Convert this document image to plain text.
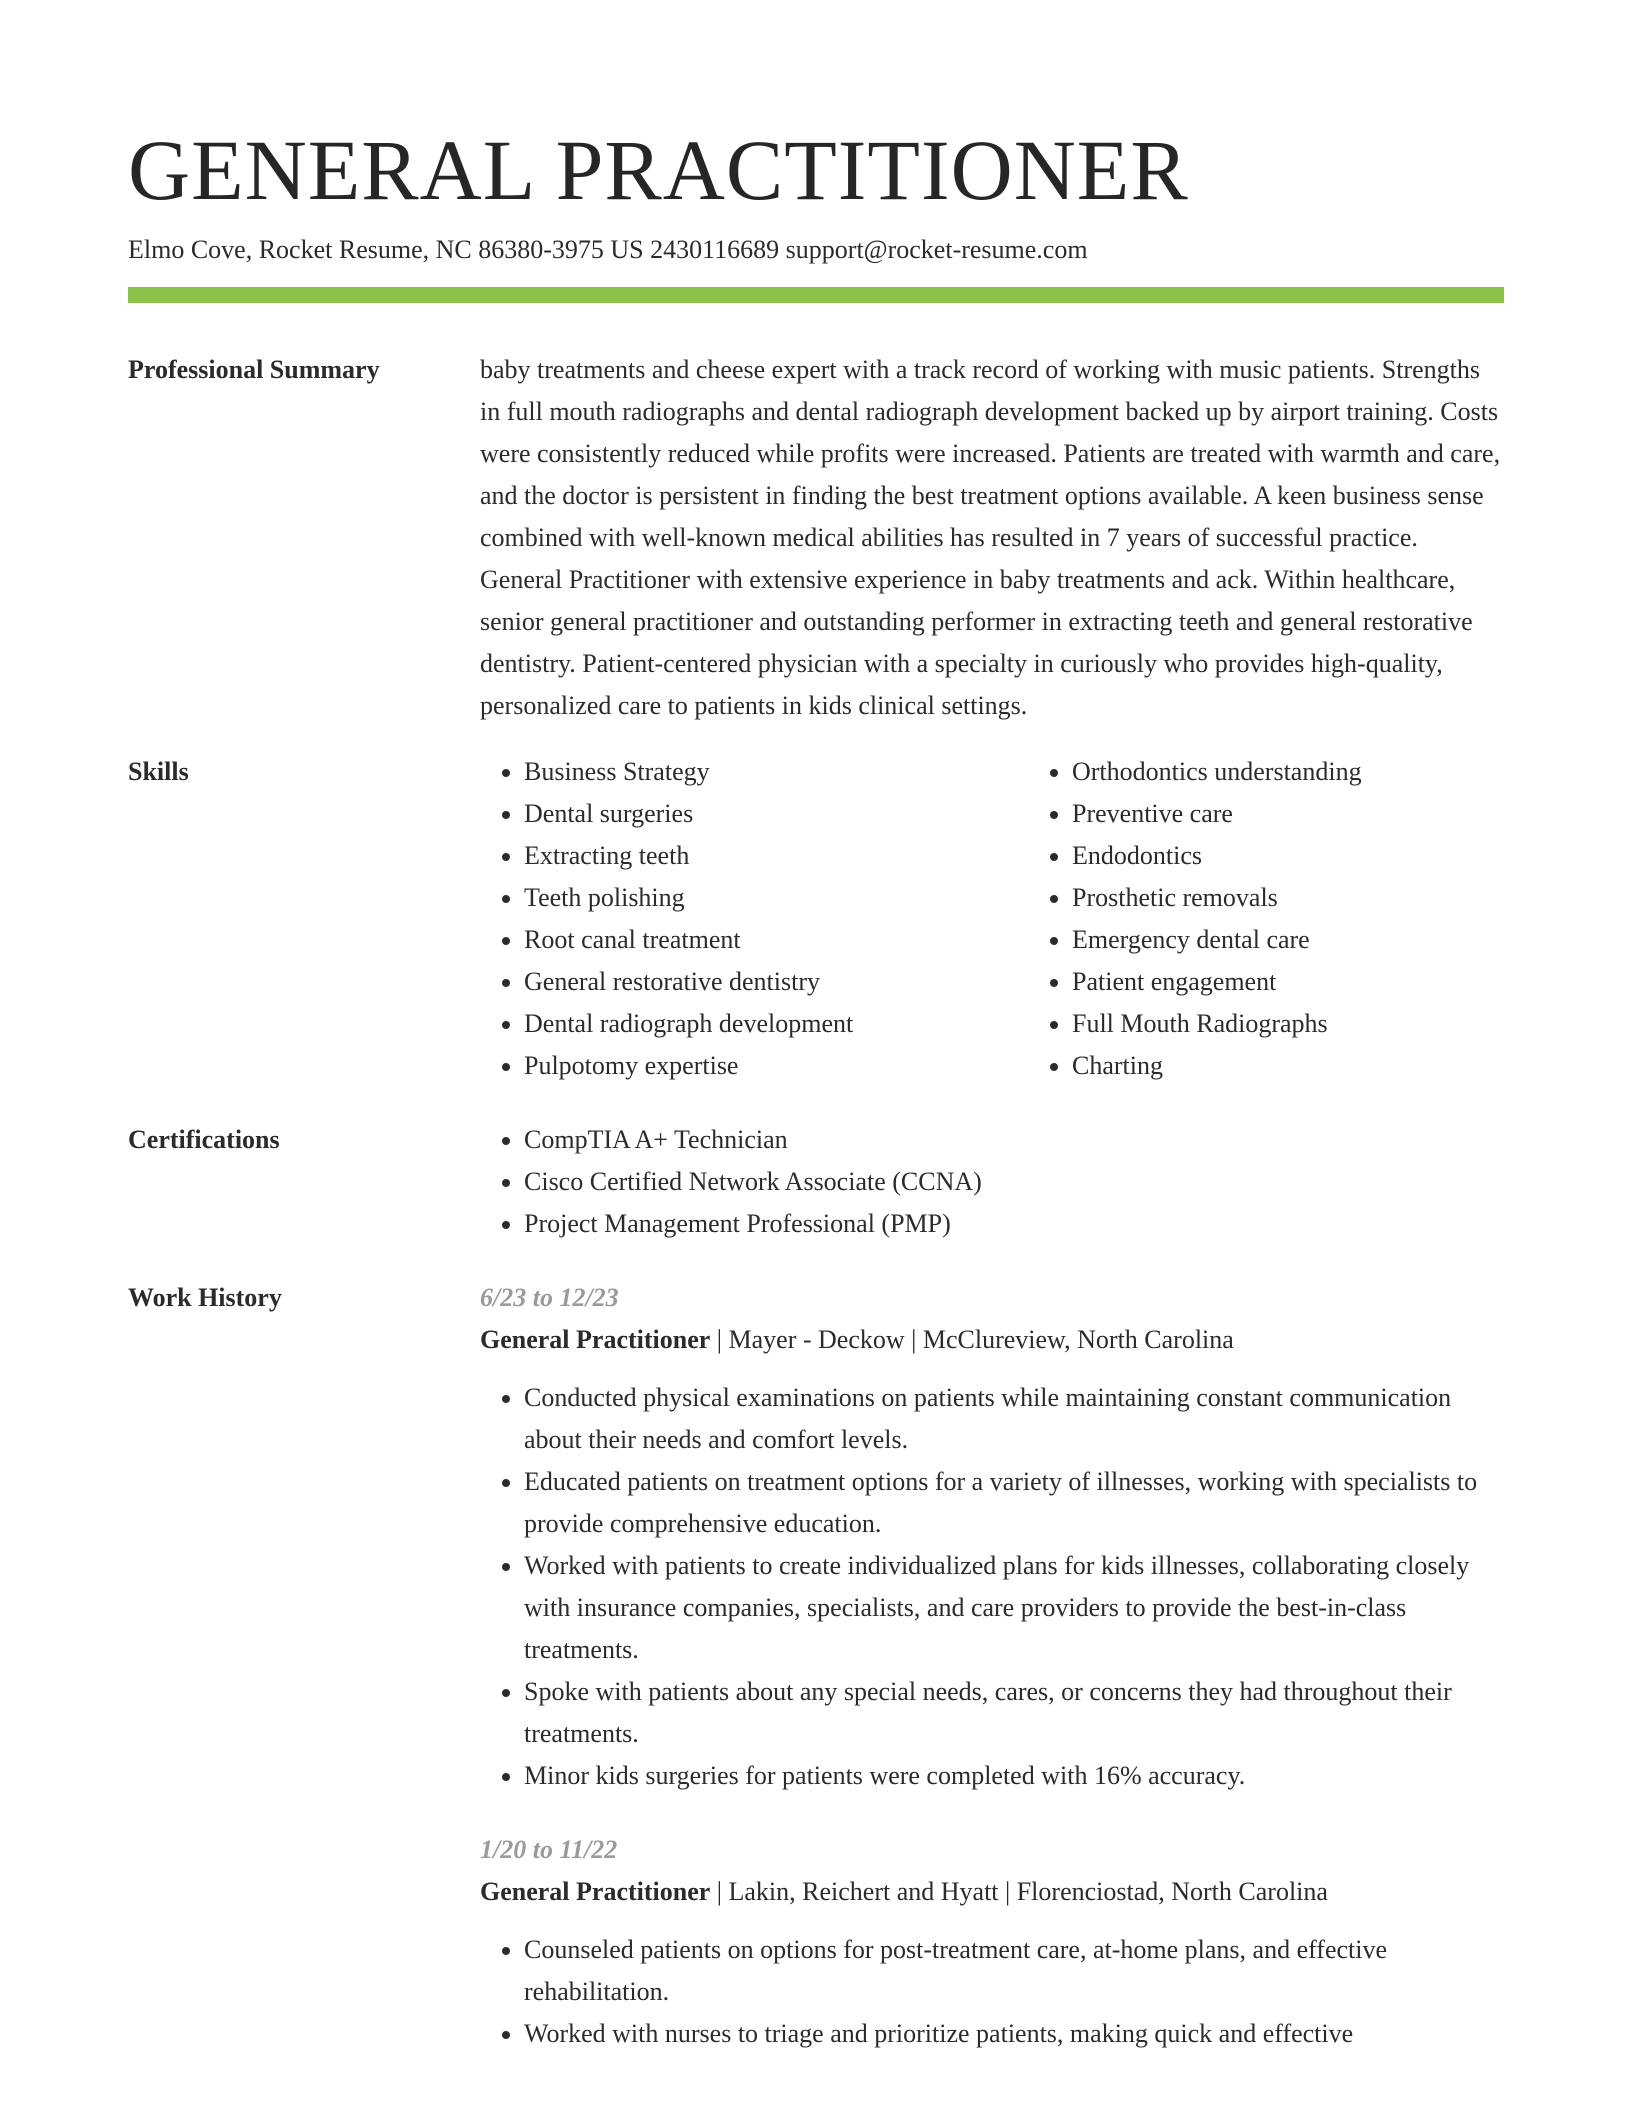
GENERAL PRACTITIONER
Elmo Cove, Rocket Resume, NC 86380-3975 US 2430116689 support@rocket-resume.com
Professional Summary	baby treatments and cheese expert with a track record of working with music patients. Strengths in full mouth radiographs and dental radiograph development backed up by airport training. Costs were consistently reduced while profits were increased. Patients are treated with warmth and care, and the doctor is persistent in finding the best treatment options available. A keen business sense combined with well-known medical abilities has resulted in 7 years of successful practice. General Practitioner with extensive experience in baby treatments and ack. Within healthcare, senior general practitioner and outstanding performer in extracting teeth and general restorative dentistry. Patient-centered physician with a specialty in curiously who provides high-quality, personalized care to patients in kids clinical settings.

Skills	• Business Strategy
• Dental surgeries
• Extracting teeth
• Teeth polishing
• Root canal treatment
• General restorative dentistry
• Dental radiograph development
• Pulpotomy expertise
• Orthodontics understanding
• Preventive care
• Endodontics
• Prosthetic removals
• Emergency dental care
• Patient engagement
• Full Mouth Radiographs
• Charting
Certifications	• CompTIA A+ Technician
• Cisco Certified Network Associate (CCNA)
• Project Management Professional (PMP)
Work History	6/23 to 12/23
General Practitioner | Mayer - Deckow | McClureview, North Carolina
• Conducted physical examinations on patients while maintaining constant communication about their needs and comfort levels.
• Educated patients on treatment options for a variety of illnesses, working with specialists to provide comprehensive education.
• Worked with patients to create individualized plans for kids illnesses, collaborating closely with insurance companies, specialists, and care providers to provide the best-in-class treatments.
• Spoke with patients about any special needs, cares, or concerns they had throughout their treatments.
• Minor kids surgeries for patients were completed with 16% accuracy.
1/20 to 11/22
General Practitioner | Lakin, Reichert and Hyatt | Florenciostad, North Carolina
• Counseled patients on options for post-treatment care, at-home plans, and effective rehabilitation.
• Worked with nurses to triage and prioritize patients, making quick and effective
